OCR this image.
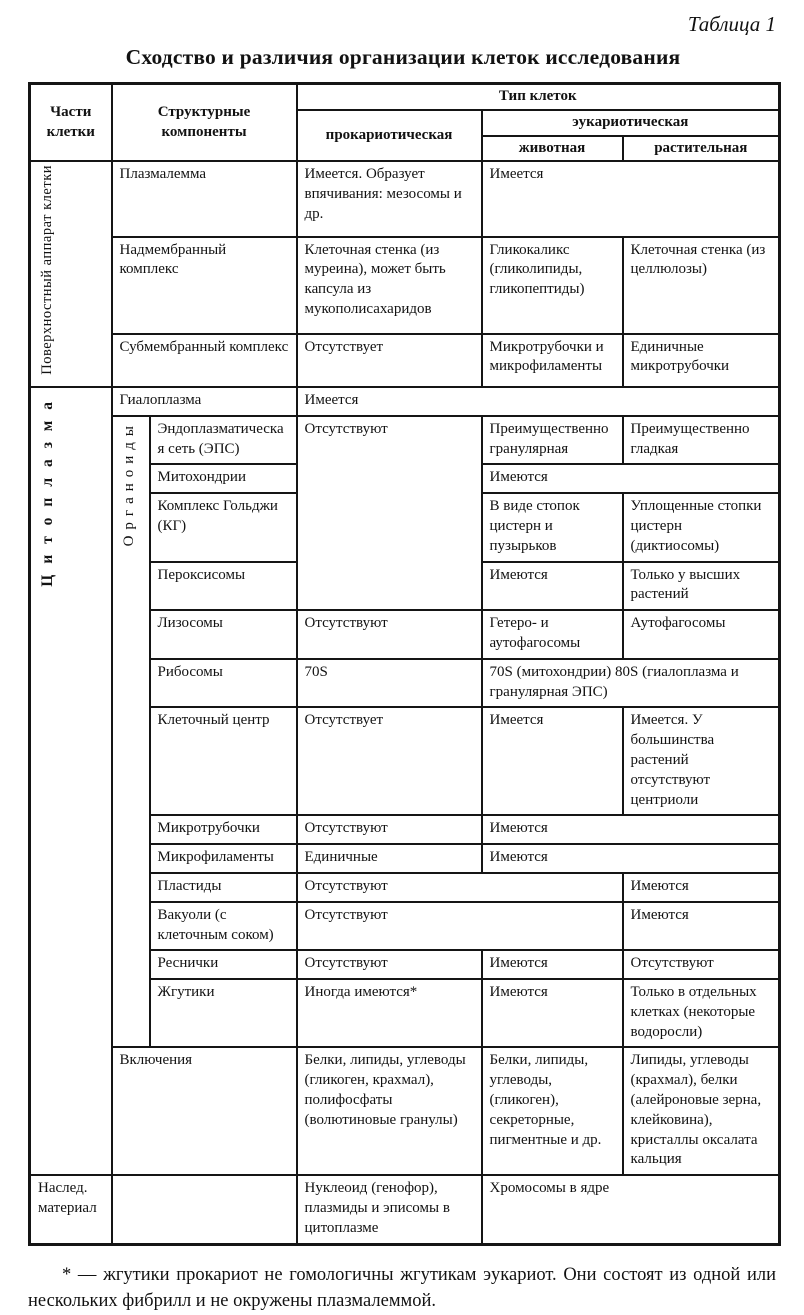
Таблица 1
Сходство и различия организации клеток исследования
Части клетки	Структурные компоненты		Тип клеток		
			прокариотическая	эукариотическая	
				животная	растительная
Поверхностный аппарат клетки	Плазмалемма		Имеется. Образует впячивания: мезосомы и др.	Имеется	
	Надмембранный комплекс		Клеточная стенка (из муреина), может быть капсула из мукополисахаридов	Гликокаликс (гликолипиды, гликопептиды)	Клеточная стенка (из целлюлозы)
	Субмембранный комплекс		Отсутствует	Микротрубочки и микрофиламенты	Единичные микротрубочки
Цитоплазма	Гиалоплазма		Имеется		
	Органоиды	Эндоплазматическая сеть (ЭПС)	Отсутствуют	Преимущественно гранулярная	Преимущественно гладкая
		Митохондрии		Имеются	
		Комплекс Гольджи (КГ)		В виде стопок цистерн и пузырьков	Уплощенные стопки цистерн (диктиосомы)
		Пероксисомы		Имеются	Только у высших растений
		Лизосомы	Отсутствуют	Гетеро- и аутофагосомы	Аутофагосомы
		Рибосомы	70S	70S (митохондрии) 80S (гиалоплазма и гранулярная ЭПС)	
		Клеточный центр	Отсутствует	Имеется	Имеется. У большинства растений отсутствуют центриоли
		Микротрубочки	Отсутствуют	Имеются	
		Микрофиламенты	Единичные	Имеются	
		Пластиды	Отсутствуют		Имеются
		Вакуоли (с клеточным соком)	Отсутствуют		Имеются
		Реснички	Отсутствуют	Имеются	Отсутствуют
		Жгутики	Иногда имеются*	Имеются	Только в отдельных клетках (некоторые водоросли)
	Включения		Белки, липиды, углеводы (гликоген, крахмал), полифосфаты (волютиновые гранулы)	Белки, липиды, углеводы, (гликоген), секреторные, пигментные и др.	Липиды, углеводы (крахмал), белки (алейроновые зерна, клейковина), кристаллы оксалата кальция
Наслед. материал			Нуклеоид (генофор), плазмиды и эписомы в цитоплазме	Хромосомы в ядре	
* — жгутики прокариот не гомологичны жгутикам эукариот. Они состоят из одной или нескольких фибрилл и не окружены плазмалеммой.
